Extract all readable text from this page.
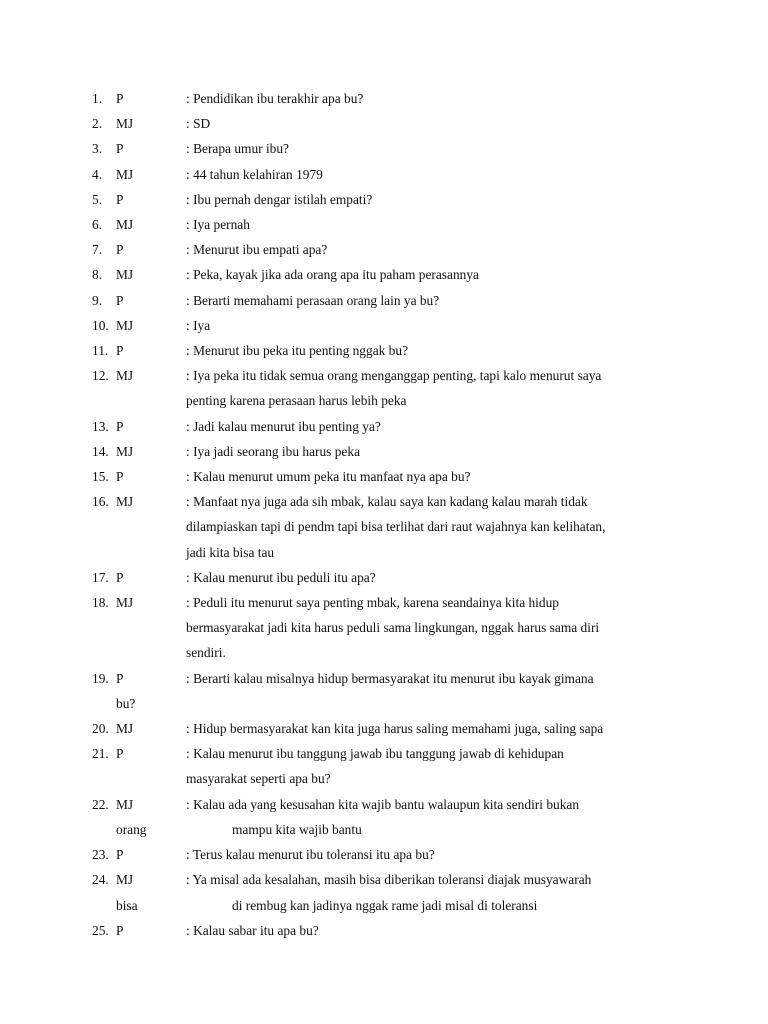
1.	P	: Pendidikan ibu terakhir apa bu?
2.	MJ	: SD
3.	P	: Berapa umur ibu?
4.	MJ	: 44 tahun kelahiran 1979
5.	P	: Ibu pernah dengar istilah empati?
6.	MJ	: Iya pernah
7.	P	: Menurut ibu empati apa?
8.	MJ	: Peka, kayak jika ada orang apa itu paham perasannya
9.	P	: Berarti memahami perasaan orang lain ya bu?
10. MJ	: Iya
11. P	: Menurut ibu peka itu penting nggak bu?
12. MJ	: Iya peka itu tidak semua orang menganggap penting, tapi kalo menurut saya
penting karena perasaan harus lebih peka
13. P	: Jadi kalau menurut ibu penting ya?
14. MJ	: Iya jadi seorang ibu harus peka
15. P	: Kalau menurut umum peka itu manfaat nya apa bu?
16. MJ	: Manfaat nya juga ada sih mbak, kalau saya kan kadang kalau marah tidak
dilampiaskan tapi di pendm tapi bisa terlihat dari raut wajahnya kan kelihatan,
jadi kita bisa tau
17. P	: Kalau menurut ibu peduli itu apa?
18. MJ	: Peduli itu menurut saya penting mbak, karena seandainya kita hidup
bermasyarakat jadi kita harus peduli sama lingkungan, nggak harus sama diri
sendiri.
19. P	: Berarti kalau misalnya hidup bermasyarakat itu menurut ibu kayak gimana
bu?
20. MJ	: Hidup bermasyarakat kan kita juga harus saling memahami juga, saling sapa
21. P	: Kalau menurut ibu tanggung jawab ibu tanggung jawab di kehidupan
masyarakat seperti apa bu?
22. MJ	: Kalau ada yang kesusahan kita wajib bantu walaupun kita sendiri bukan
orang	mampu kita wajib bantu
23. P	: Terus kalau menurut ibu toleransi itu apa bu?
24. MJ	: Ya misal ada kesalahan, masih bisa diberikan toleransi diajak musyawarah
bisa	di rembug kan jadinya nggak rame jadi misal di toleransi
25. P	: Kalau sabar itu apa bu?
